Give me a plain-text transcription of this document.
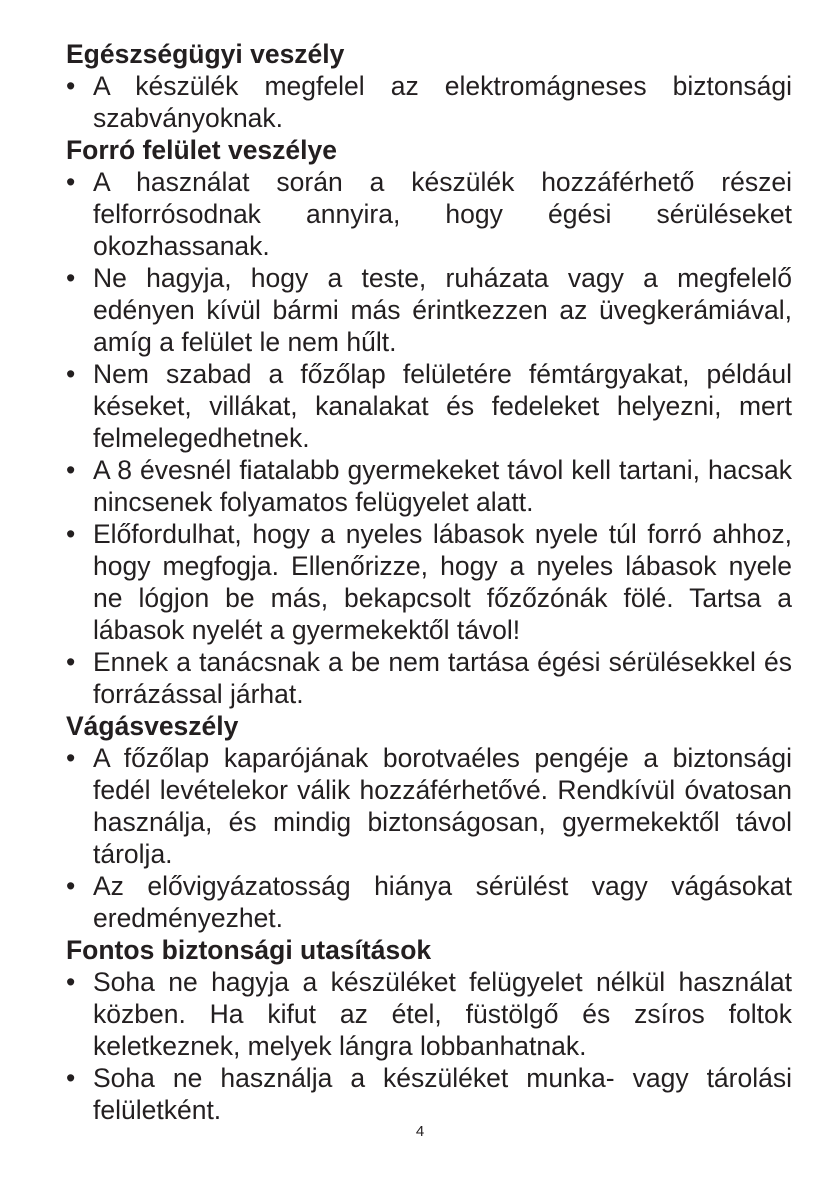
Egészségügyi veszély
• A készülék megfelel az elektromágneses biztonsági szabványoknak.
Forró felület veszélye
• A használat során a készülék hozzáférhető részei felforrósodnak annyira, hogy égési sérüléseket okozhassanak.
• Ne hagyja, hogy a teste, ruházata vagy a megfelelő edényen kívül bármi más érintkezzen az üvegkerámiával, amíg a felület le nem hűlt.
• Nem szabad a főzőlap felületére fémtárgyakat, például késeket, villákat, kanalakat és fedeleket helyezni, mert felmelegedhetnek.
• A 8 évesnél fiatalabb gyermekeket távol kell tartani, hacsak nincsenek folyamatos felügyelet alatt.
• Előfordulhat, hogy a nyeles lábasok nyele túl forró ahhoz, hogy megfogja. Ellenőrizze, hogy a nyeles lábasok nyele ne lógjon be más, bekapcsolt főzőzónák fölé. Tartsa a lábasok nyelét a gyermekektől távol!
• Ennek a tanácsnak a be nem tartása égési sérülésekkel és forrázással járhat.
Vágásveszély
• A főzőlap kaparójának borotvaéles pengéje a biztonsági fedél levételekor válik hozzáférhetővé. Rendkívül óvatosan használja, és mindig biztonságosan, gyermekektől távol tárolja.
• Az elővigyázatosság hiánya sérülést vagy vágásokat eredményezhet.
Fontos biztonsági utasítások
• Soha ne hagyja a készüléket felügyelet nélkül használat közben. Ha kifut az étel, füstölgő és zsíros foltok keletkeznek, melyek lángra lobbanhatnak.
• Soha ne használja a készüléket munka- vagy tárolási felületként.
4
